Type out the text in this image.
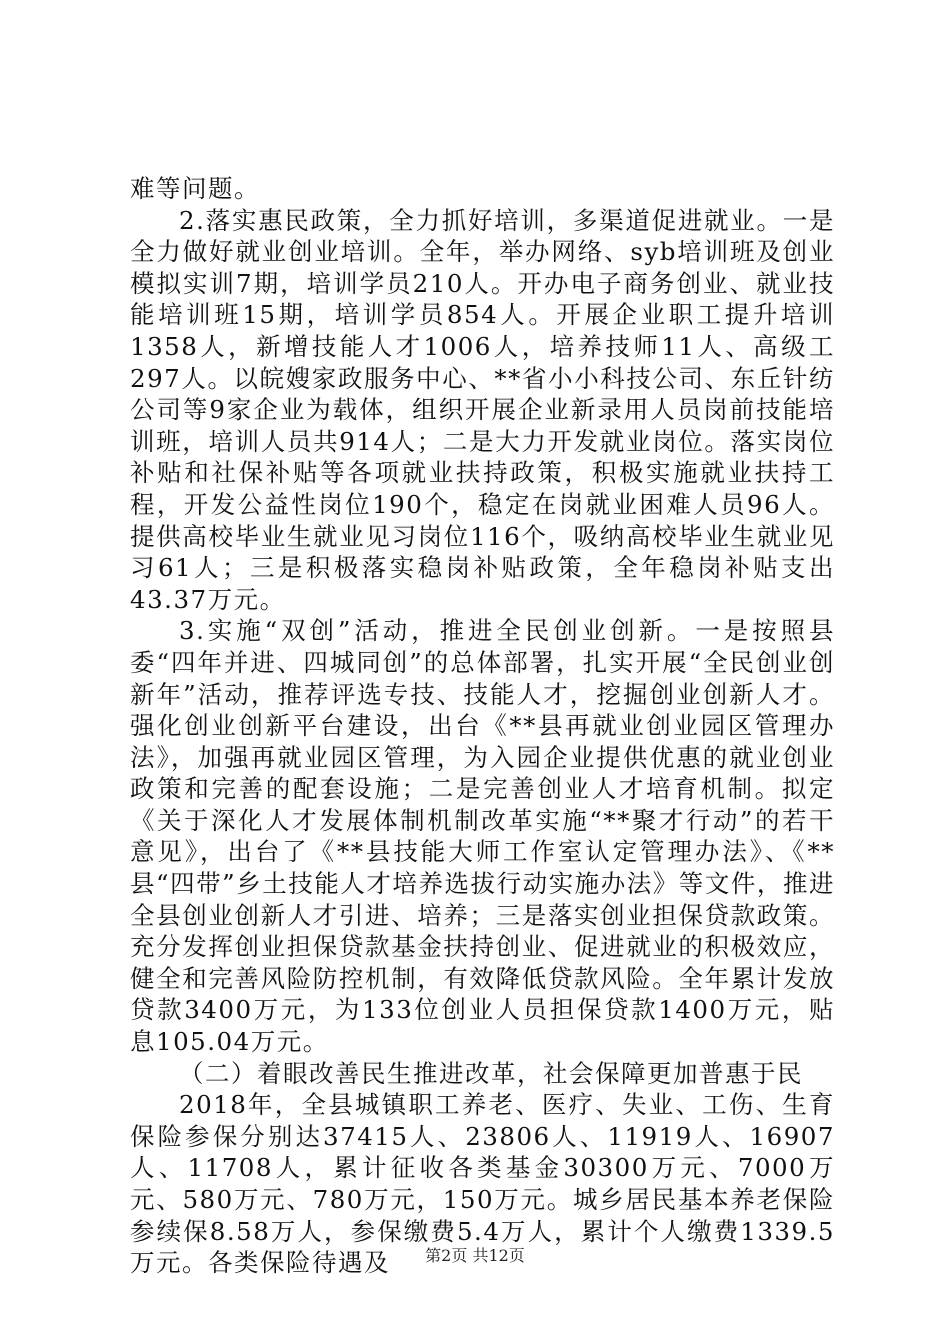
难等问题。

2.落实惠民政策，全力抓好培训，多渠道促进就业。一是全力做好就业创业培训。全年，举办网络、syb培训班及创业模拟实训7期，培训学员210人。开办电子商务创业、就业技能培训班15期，培训学员854人。开展企业职工提升培训1358人，新增技能人才1006人，培养技师11人、高级工297人。以皖嫂家政服务中心、**省小小科技公司、东丘针纺公司等9家企业为载体，组织开展企业新录用人员岗前技能培训班，培训人员共914人；二是大力开发就业岗位。落实岗位补贴和社保补贴等各项就业扶持政策，积极实施就业扶持工程，开发公益性岗位190个，稳定在岗就业困难人员96人。提供高校毕业生就业见习岗位116个，吸纳高校毕业生就业见习61人；三是积极落实稳岗补贴政策，全年稳岗补贴支出43.37万元。

3.实施“双创”活动，推进全民创业创新。一是按照县委“四年并进、四城同创”的总体部署，扎实开展“全民创业创新年”活动，推荐评选专技、技能人才，挖掘创业创新人才。强化创业创新平台建设，出台《**县再就业创业园区管理办法》，加强再就业园区管理，为入园企业提供优惠的就业创业政策和完善的配套设施；二是完善创业人才培育机制。拟定《关于深化人才发展体制机制改革实施“**聚才行动”的若干意见》，出台了《**县技能大师工作室认定管理办法》、《**县“四带”乡土技能人才培养选拔行动实施办法》等文件，推进全县创业创新人才引进、培养；三是落实创业担保贷款政策。充分发挥创业担保贷款基金扶持创业、促进就业的积极效应，健全和完善风险防控机制，有效降低贷款风险。全年累计发放贷款3400万元，为133位创业人员担保贷款1400万元，贴息105.04万元。

（二）着眼改善民生推进改革，社会保障更加普惠于民

2018年，全县城镇职工养老、医疗、失业、工伤、生育保险参保分别达37415人、23806人、11919人、16907人、11708人，累计征收各类基金30300万元、7000万元、580万元、780万元，150万元。城乡居民基本养老保险参续保8.58万人，参保缴费5.4万人，累计个人缴费1339.5万元。各类保险待遇及	第2页 共12页
